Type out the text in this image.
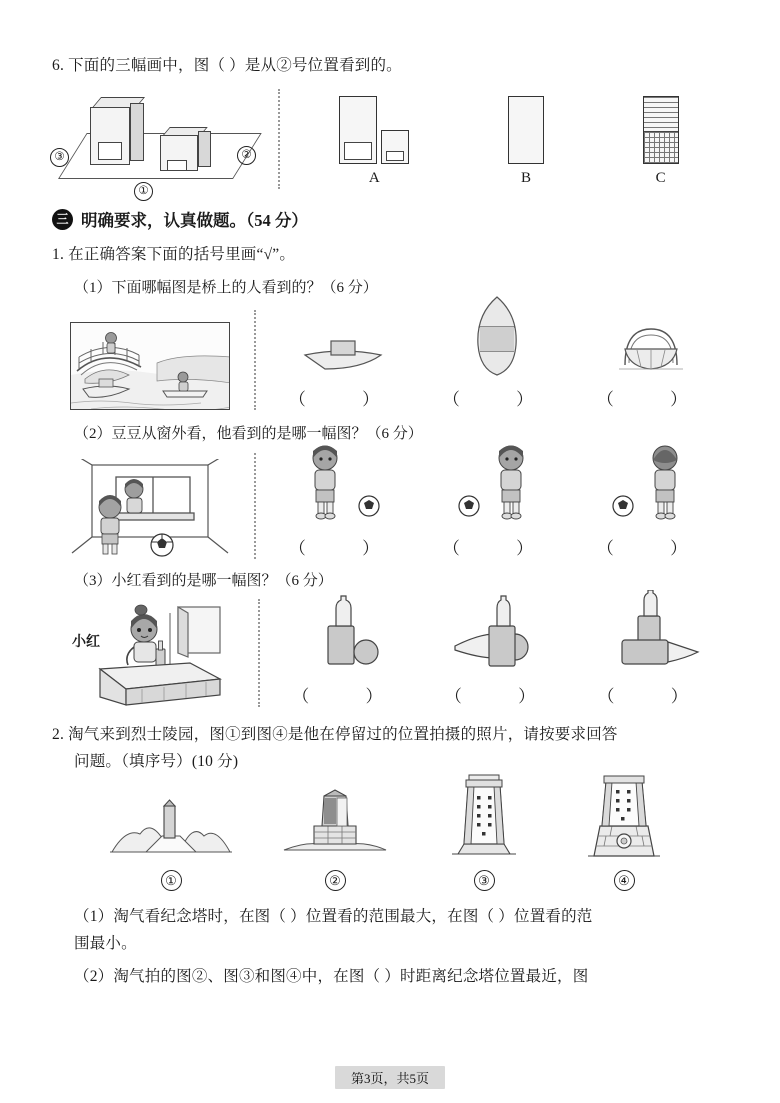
6. 下面的三幅画中，图（ ）是从②号位置看到的。
③	②
①
A	B	C
三 明确要求，认真做题。（54 分）
1. 在正确答案下面的括号里画“√”。
（1）下面哪幅图是桥上的人看到的？（6 分）
（ ）	（ ）	（ ）
（2）豆豆从窗外看，他看到的是哪一幅图？（6 分）
（ ）	（ ）	（ ）
（3）小红看到的是哪一幅图？（6 分）
小红
（ ）	（ ）	（ ）
2. 淘气来到烈士陵园，图①到图④是他在停留过的位置拍摄的照片，请按要求回答
问题。（填序号）(10 分)
①	②	③	④
（1）淘气看纪念塔时，在图（ ）位置看的范围最大，在图（ ）位置看的范
围最小。
（2）淘气拍的图②、图③和图④中，在图（ ）时距离纪念塔位置最近，图
第3页，共5页
